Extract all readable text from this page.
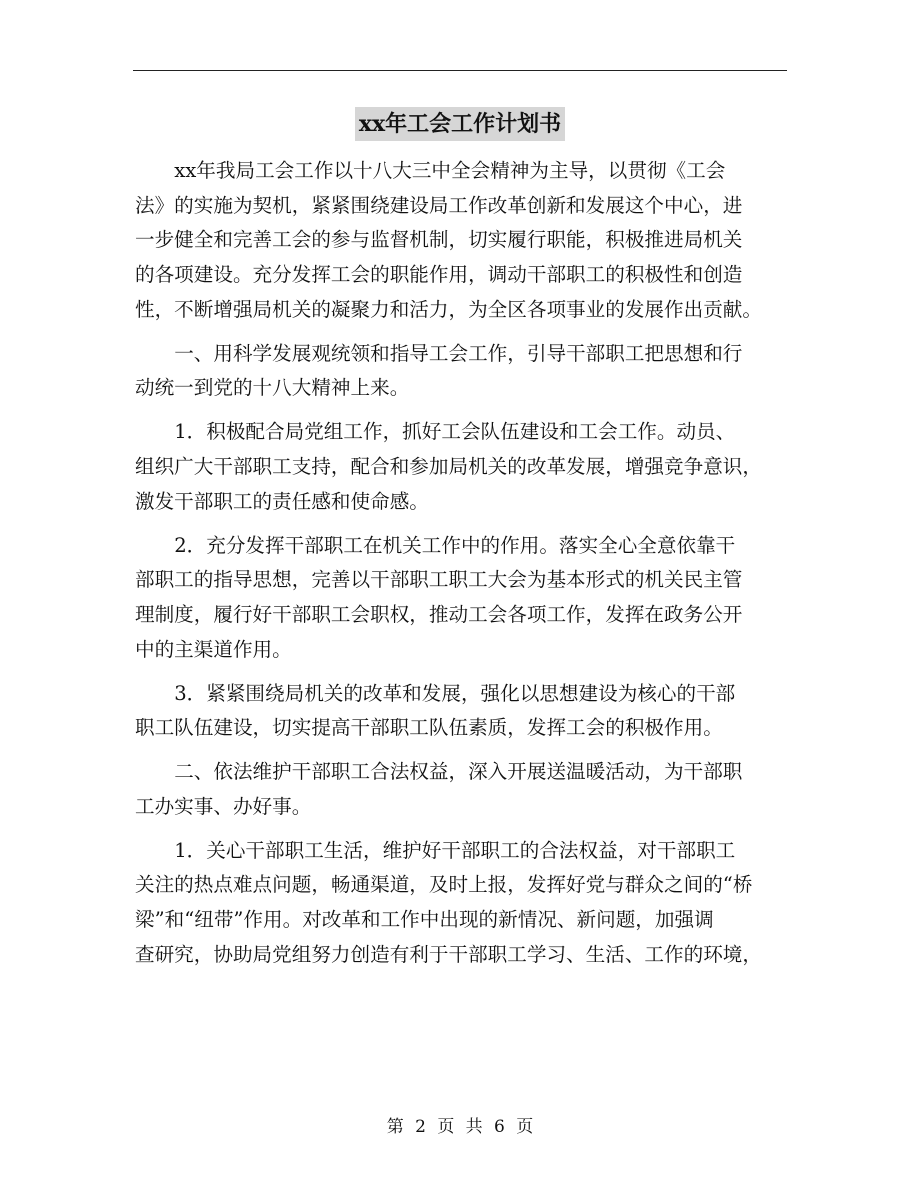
xx年工会工作计划书

xx年我局工会工作以十八大三中全会精神为主导，以贯彻《工会
法》的实施为契机，紧紧围绕建设局工作改革创新和发展这个中心，进
一步健全和完善工会的参与监督机制，切实履行职能，积极推进局机关
的各项建设。充分发挥工会的职能作用，调动干部职工的积极性和创造
性，不断增强局机关的凝聚力和活力，为全区各项事业的发展作出贡献。

一、用科学发展观统领和指导工会工作，引导干部职工把思想和行
动统一到党的十八大精神上来。

1．积极配合局党组工作，抓好工会队伍建设和工会工作。动员、
组织广大干部职工支持，配合和参加局机关的改革发展，增强竞争意识，
激发干部职工的责任感和使命感。

2．充分发挥干部职工在机关工作中的作用。落实全心全意依靠干
部职工的指导思想，完善以干部职工职工大会为基本形式的机关民主管
理制度，履行好干部职工会职权，推动工会各项工作，发挥在政务公开
中的主渠道作用。

3．紧紧围绕局机关的改革和发展，强化以思想建设为核心的干部
职工队伍建设，切实提高干部职工队伍素质，发挥工会的积极作用。

二、依法维护干部职工合法权益，深入开展送温暖活动，为干部职
工办实事、办好事。

1．关心干部职工生活，维护好干部职工的合法权益，对干部职工
关注的热点难点问题，畅通渠道，及时上报，发挥好党与群众之间的“桥
梁”和“纽带”作用。对改革和工作中出现的新情况、新问题，加强调
查研究，协助局党组努力创造有利于干部职工学习、生活、工作的环境，

第 2 页 共 6 页
